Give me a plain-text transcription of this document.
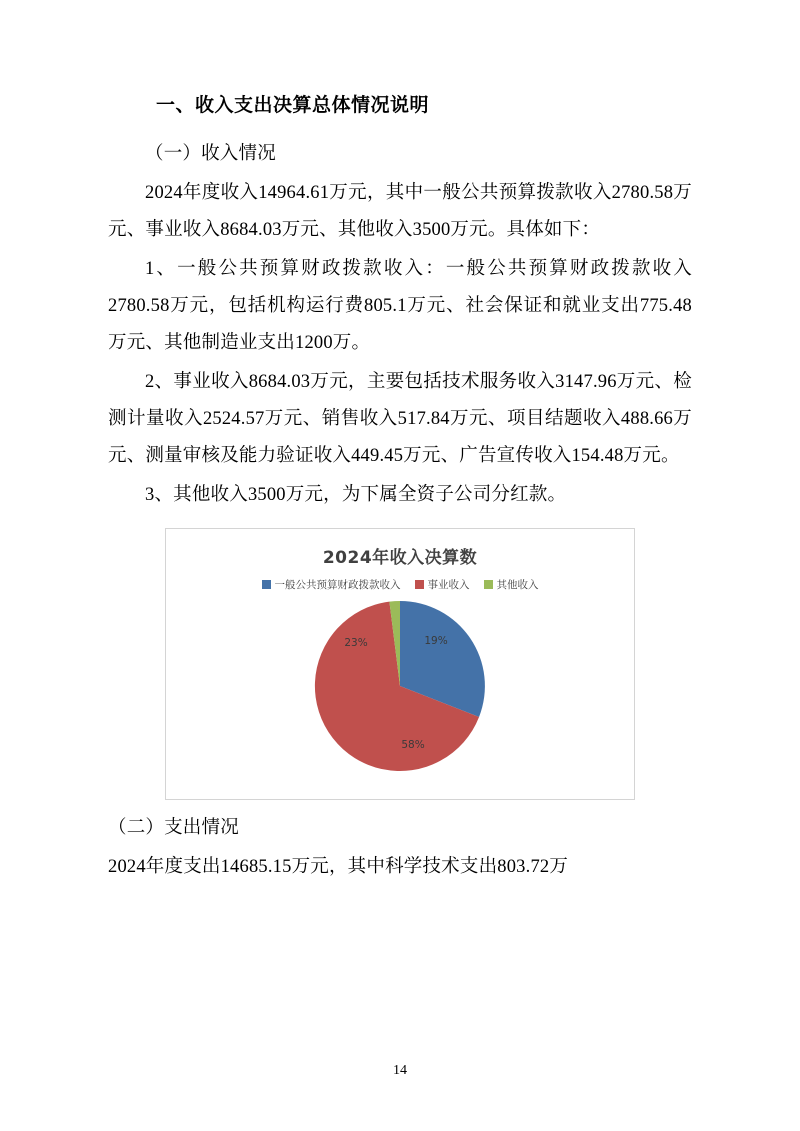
一、收入支出决算总体情况说明

（一）收入情况

2024年度收入14964.61万元，其中一般公共预算拨款收入2780.58万元、事业收入8684.03万元、其他收入3500万元。具体如下：

1、一般公共预算财政拨款收入：一般公共预算财政拨款收入2780.58万元，包括机构运行费805.1万元、社会保证和就业支出775.48万元、其他制造业支出1200万。

2、事业收入8684.03万元，主要包括技术服务收入3147.96万元、检测计量收入2524.57万元、销售收入517.84万元、项目结题收入488.66万元、测量审核及能力验证收入449.45万元、广告宣传收入154.48万元。

3、其他收入3500万元，为下属全资子公司分红款。

2024年收入决算数
一般公共预算财政拨款收入	事业收入	其他收入
19%
58%
23%

（二）支出情况

2024年度支出14685.15万元，其中科学技术支出803.72万

14
